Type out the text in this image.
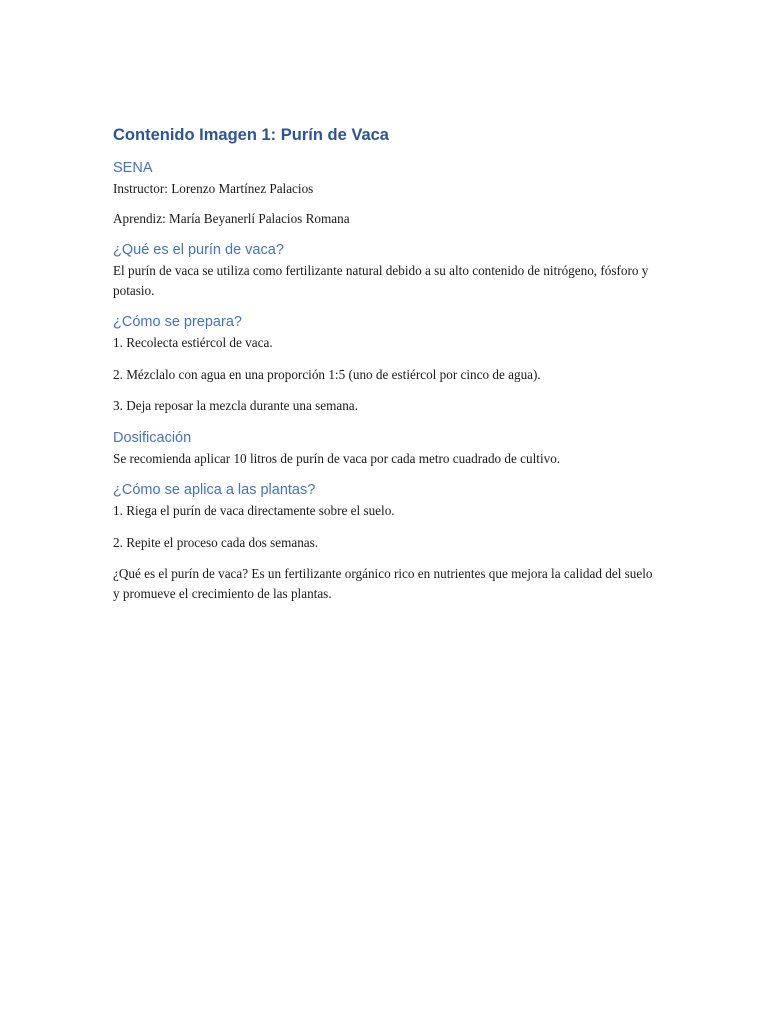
Contenido Imagen 1: Purín de Vaca
SENA

Instructor: Lorenzo Martínez Palacios

Aprendiz: María Beyanerlí Palacios Romana

¿Qué es el purín de vaca?

El purín de vaca se utiliza como fertilizante natural debido a su alto contenido de nitrógeno, fósforo y potasio.

¿Cómo se prepara?

1. Recolecta estiércol de vaca.

2. Mézclalo con agua en una proporción 1:5 (uno de estiércol por cinco de agua).

3. Deja reposar la mezcla durante una semana.

Dosificación

Se recomienda aplicar 10 litros de purín de vaca por cada metro cuadrado de cultivo.

¿Cómo se aplica a las plantas?

1. Riega el purín de vaca directamente sobre el suelo.

2. Repite el proceso cada dos semanas.

¿Qué es el purín de vaca? Es un fertilizante orgánico rico en nutrientes que mejora la calidad del suelo y promueve el crecimiento de las plantas.
